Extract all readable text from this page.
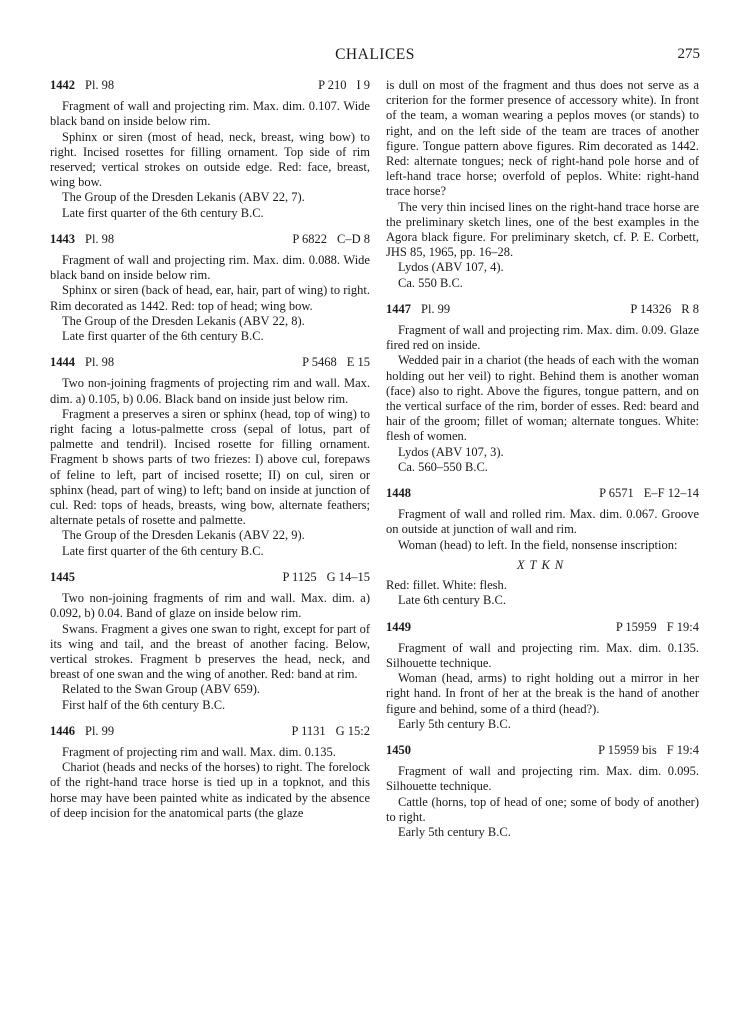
CHALICES	275
1442 Pl. 98	P 210 I 9

Fragment of wall and projecting rim. Max. dim. 0.107. Wide black band on inside below rim.

Sphinx or siren (most of head, neck, breast, wing bow) to right. Incised rosettes for filling ornament. Top side of rim reserved; vertical strokes on outside edge. Red: face, breast, wing bow.

The Group of the Dresden Lekanis (ABV 22, 7).

Late first quarter of the 6th century B.C.

1443 Pl. 98	P 6822 C–D 8

Fragment of wall and projecting rim. Max. dim. 0.088. Wide black band on inside below rim.

Sphinx or siren (back of head, ear, hair, part of wing) to right. Rim decorated as 1442. Red: top of head; wing bow.

The Group of the Dresden Lekanis (ABV 22, 8).

Late first quarter of the 6th century B.C.

1444 Pl. 98	P 5468 E 15

Two non-joining fragments of projecting rim and wall. Max. dim. a) 0.105, b) 0.06. Black band on inside just below rim.

Fragment a preserves a siren or sphinx (head, top of wing) to right facing a lotus-palmette cross (sepal of lotus, part of palmette and tendril). Incised rosette for filling ornament. Fragment b shows parts of two friezes: I) above cul, forepaws of feline to left, part of incised rosette; II) on cul, siren or sphinx (head, part of wing) to left; band on inside at junction of cul. Red: tops of heads, breasts, wing bow, alternate feathers; alternate petals of rosette and palmette.

The Group of the Dresden Lekanis (ABV 22, 9).

Late first quarter of the 6th century B.C.

1445	P 1125 G 14–15

Two non-joining fragments of rim and wall. Max. dim. a) 0.092, b) 0.04. Band of glaze on inside below rim.

Swans. Fragment a gives one swan to right, except for part of its wing and tail, and the breast of another facing. Below, vertical strokes. Fragment b preserves the head, neck, and breast of one swan and the wing of another. Red: band at rim.

Related to the Swan Group (ABV 659).

First half of the 6th century B.C.

1446 Pl. 99	P 1131 G 15:2

Fragment of projecting rim and wall. Max. dim. 0.135.

Chariot (heads and necks of the horses) to right. The forelock of the right-hand trace horse is tied up in a topknot, and this horse may have been painted white as indicated by the absence of deep incision for the anatomical parts (the glaze

is dull on most of the fragment and thus does not serve as a criterion for the former presence of accessory white). In front of the team, a woman wearing a peplos moves (or stands) to right, and on the left side of the team are traces of another figure. Tongue pattern above figures. Rim decorated as 1442. Red: alternate tongues; neck of right-hand pole horse and of left-hand trace horse; overfold of peplos. White: right-hand trace horse?

The very thin incised lines on the right-hand trace horse are the preliminary sketch lines, one of the best examples in the Agora black figure. For preliminary sketch, cf. P. E. Corbett, JHS 85, 1965, pp. 16–28.

Lydos (ABV 107, 4).

Ca. 550 B.C.

1447 Pl. 99	P 14326 R 8

Fragment of wall and projecting rim. Max. dim. 0.09. Glaze fired red on inside.

Wedded pair in a chariot (the heads of each with the woman holding out her veil) to right. Behind them is another woman (face) also to right. Above the figures, tongue pattern, and on the vertical surface of the rim, border of esses. Red: beard and hair of the groom; fillet of woman; alternate tongues. White: flesh of women.

Lydos (ABV 107, 3).

Ca. 560–550 B.C.

1448	P 6571 E–F 12–14

Fragment of wall and rolled rim. Max. dim. 0.067. Groove on outside at junction of wall and rim.

Woman (head) to left. In the field, nonsense inscription:

XTKN

Red: fillet. White: flesh.

Late 6th century B.C.

1449	P 15959 F 19:4

Fragment of wall and projecting rim. Max. dim. 0.135. Silhouette technique.

Woman (head, arms) to right holding out a mirror in her right hand. In front of her at the break is the hand of another figure and behind, some of a third (head?).

Early 5th century B.C.

1450	P 15959 bis F 19:4

Fragment of wall and projecting rim. Max. dim. 0.095. Silhouette technique.

Cattle (horns, top of head of one; some of body of another) to right.

Early 5th century B.C.
